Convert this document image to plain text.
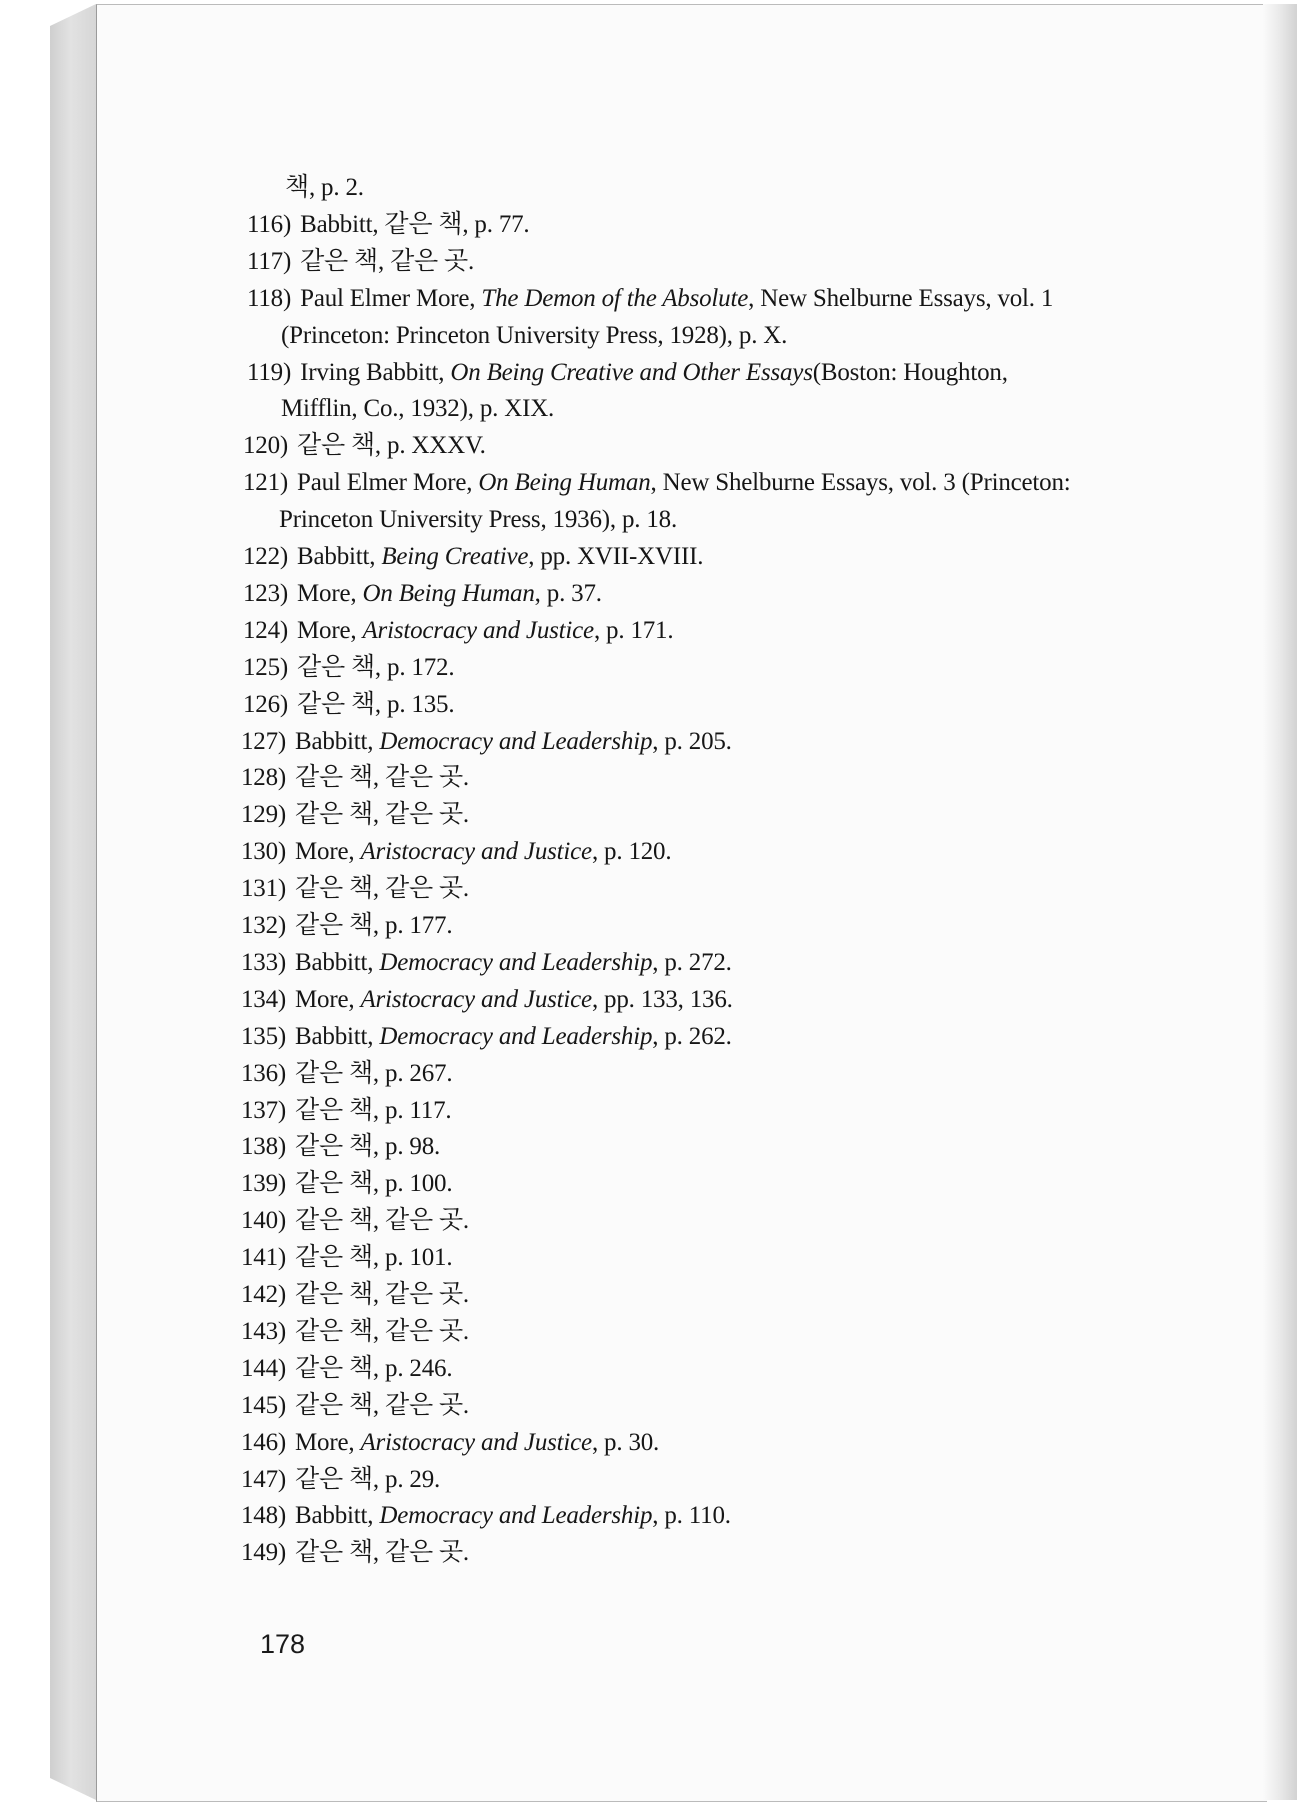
책, p. 2.
116) Babbitt, 같은 책, p. 77.
117) 같은 책, 같은 곳.
118) Paul Elmer More, The Demon of the Absolute, New Shelburne Essays, vol. 1
(Princeton: Princeton University Press, 1928), p. X.
119) Irving Babbitt, On Being Creative and Other Essays(Boston: Houghton,
Mifflin, Co., 1932), p. XIX.
120) 같은 책, p. XXXV.
121) Paul Elmer More, On Being Human, New Shelburne Essays, vol. 3 (Princeton:
Princeton University Press, 1936), p. 18.
122) Babbitt, Being Creative, pp. XVII-XVIII.
123) More, On Being Human, p. 37.
124) More, Aristocracy and Justice, p. 171.
125) 같은 책, p. 172.
126) 같은 책, p. 135.
127) Babbitt, Democracy and Leadership, p. 205.
128) 같은 책, 같은 곳.
129) 같은 책, 같은 곳.
130) More, Aristocracy and Justice, p. 120.
131) 같은 책, 같은 곳.
132) 같은 책, p. 177.
133) Babbitt, Democracy and Leadership, p. 272.
134) More, Aristocracy and Justice, pp. 133, 136.
135) Babbitt, Democracy and Leadership, p. 262.
136) 같은 책, p. 267.
137) 같은 책, p. 117.
138) 같은 책, p. 98.
139) 같은 책, p. 100.
140) 같은 책, 같은 곳.
141) 같은 책, p. 101.
142) 같은 책, 같은 곳.
143) 같은 책, 같은 곳.
144) 같은 책, p. 246.
145) 같은 책, 같은 곳.
146) More, Aristocracy and Justice, p. 30.
147) 같은 책, p. 29.
148) Babbitt, Democracy and Leadership, p. 110.
149) 같은 책, 같은 곳.
178
